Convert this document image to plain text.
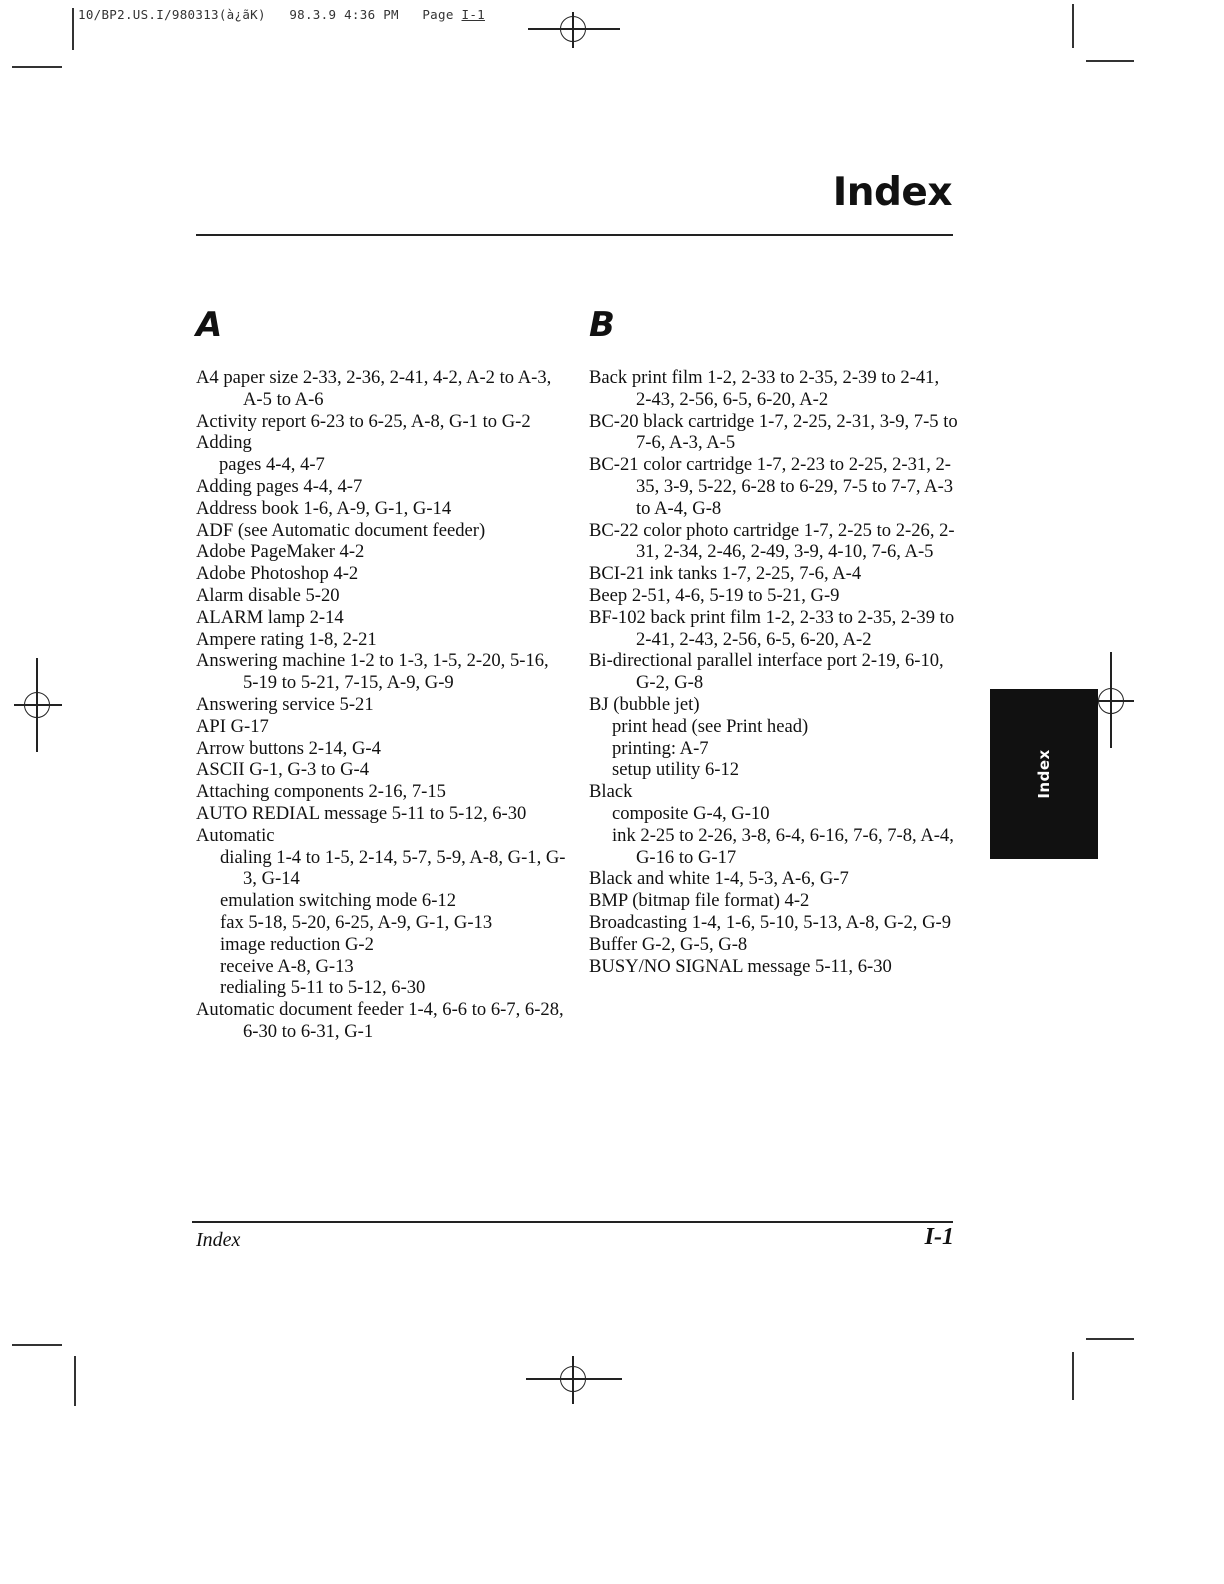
10/BP2.US.I/980313(à¿ãK) 98.3.9 4:36 PM Page I-1
Index
A	B
A4 paper size 2-33, 2-36, 2-41, 4-2, A-2 to A-3, A-5 to A-6
Activity report 6-23 to 6-25, A-8, G-1 to G-2
Adding
pages 4-4, 4-7
Adding pages 4-4, 4-7
Address book 1-6, A-9, G-1, G-14
ADF (see Automatic document feeder)
Adobe PageMaker 4-2
Adobe Photoshop 4-2
Alarm disable 5-20
ALARM lamp 2-14
Ampere rating 1-8, 2-21
Answering machine 1-2 to 1-3, 1-5, 2-20, 5-16, 5-19 to 5-21, 7-15, A-9, G-9
Answering service 5-21
API G-17
Arrow buttons 2-14, G-4
ASCII G-1, G-3 to G-4
Attaching components 2-16, 7-15
AUTO REDIAL message 5-11 to 5-12, 6-30
Automatic
dialing 1-4 to 1-5, 2-14, 5-7, 5-9, A-8, G-1, G-3, G-14
emulation switching mode 6-12
fax 5-18, 5-20, 6-25, A-9, G-1, G-13
image reduction G-2
receive A-8, G-13
redialing 5-11 to 5-12, 6-30
Automatic document feeder 1-4, 6-6 to 6-7, 6-28, 6-30 to 6-31, G-1
Back print film 1-2, 2-33 to 2-35, 2-39 to 2-41, 2-43, 2-56, 6-5, 6-20, A-2
BC-20 black cartridge 1-7, 2-25, 2-31, 3-9, 7-5 to 7-6, A-3, A-5
BC-21 color cartridge 1-7, 2-23 to 2-25, 2-31, 2-35, 3-9, 5-22, 6-28 to 6-29, 7-5 to 7-7, A-3 to A-4, G-8
BC-22 color photo cartridge 1-7, 2-25 to 2-26, 2-31, 2-34, 2-46, 2-49, 3-9, 4-10, 7-6, A-5
BCI-21 ink tanks 1-7, 2-25, 7-6, A-4
Beep 2-51, 4-6, 5-19 to 5-21, G-9
BF-102 back print film 1-2, 2-33 to 2-35, 2-39 to 2-41, 2-43, 2-56, 6-5, 6-20, A-2
Bi-directional parallel interface port 2-19, 6-10, G-2, G-8
BJ (bubble jet)
print head (see Print head)
printing: A-7
setup utility 6-12
Black
composite G-4, G-10
ink 2-25 to 2-26, 3-8, 6-4, 6-16, 7-6, 7-8, A-4, G-16 to G-17
Black and white 1-4, 5-3, A-6, G-7
BMP (bitmap file format) 4-2
Broadcasting 1-4, 1-6, 5-10, 5-13, A-8, G-2, G-9
Buffer G-2, G-5, G-8
BUSY/NO SIGNAL message 5-11, 6-30
Index
Index	I-1
